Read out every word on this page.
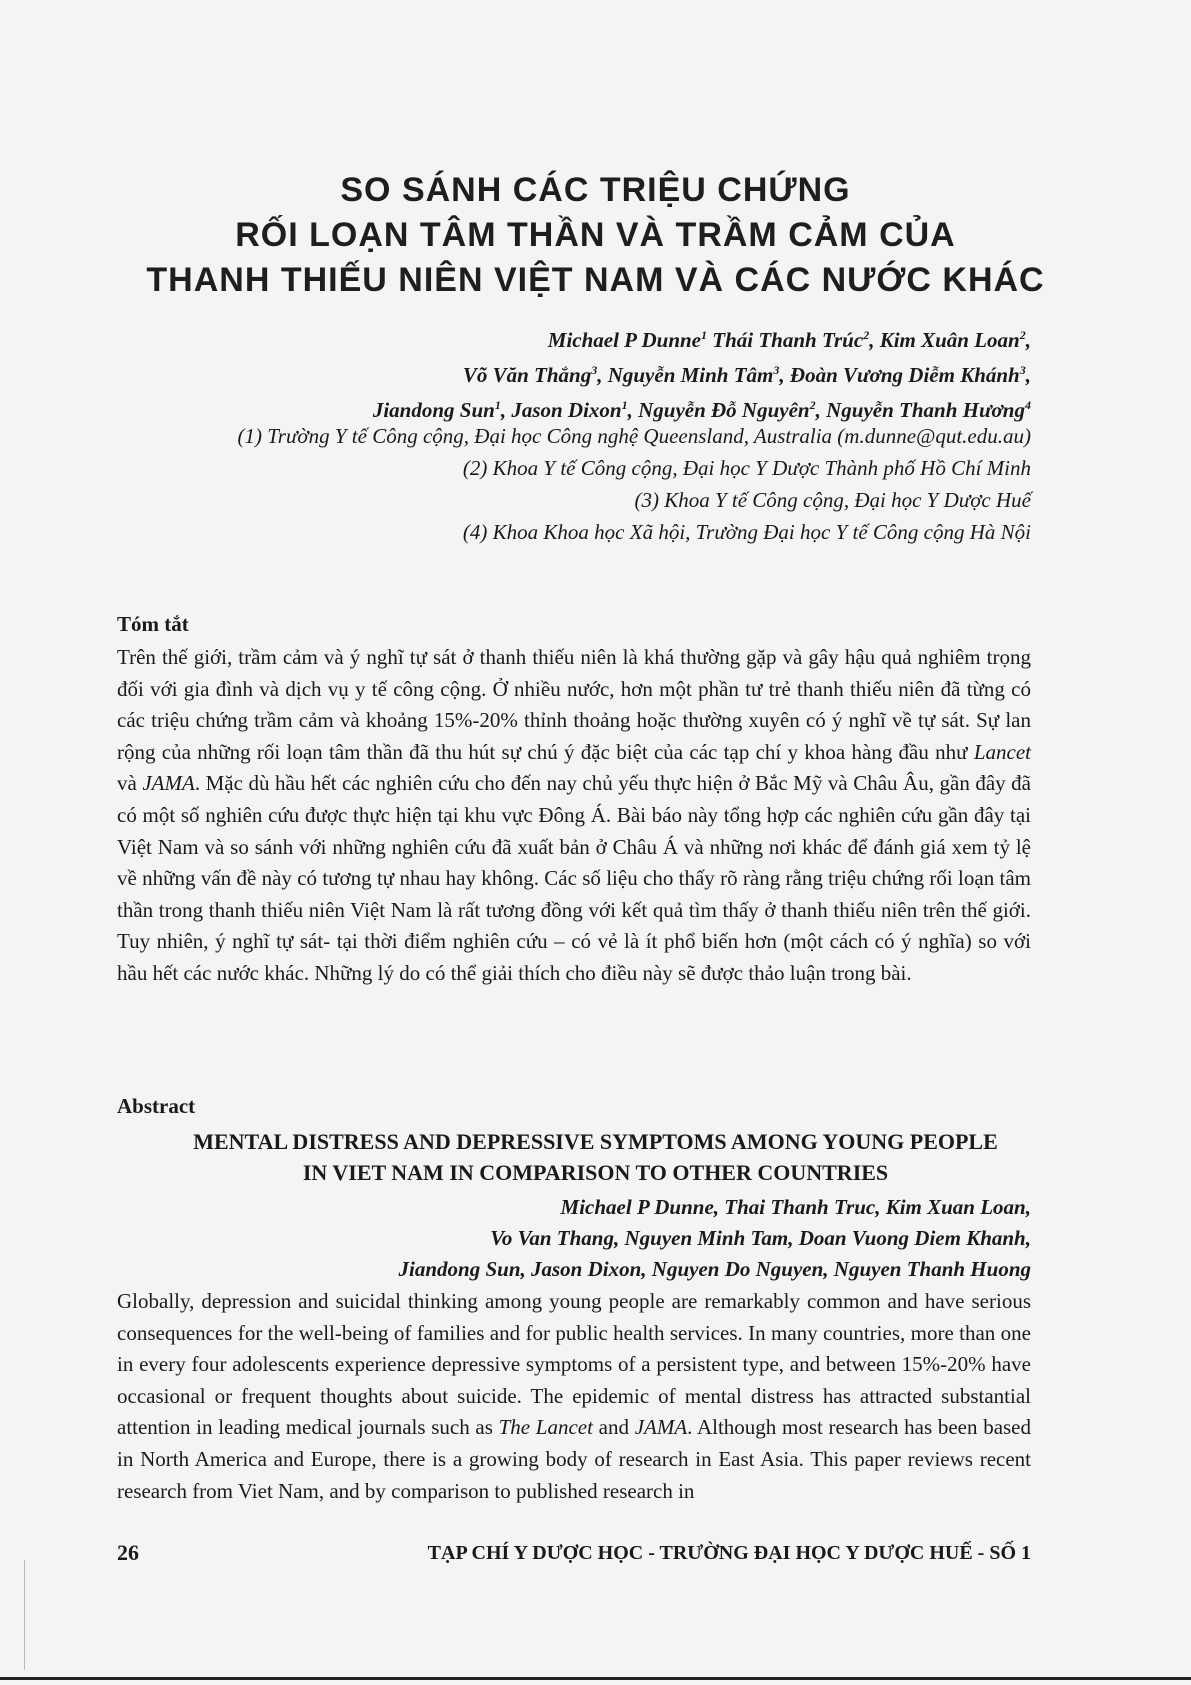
SO SÁNH CÁC TRIỆU CHỨNG

RỐI LOẠN TÂM THẦN VÀ TRẦM CẢM CỦA

THANH THIẾU NIÊN VIỆT NAM VÀ CÁC NƯỚC KHÁC

Michael P Dunne$^1$ Thái Thanh Trúc$^2$, Kim Xuân Loan$^2$,
Võ Văn Thắng$^3$, Nguyễn Minh Tâm$^3$, Đoàn Vương Diễm Khánh$^3$,
Jiandong Sun$^1$, Jason Dixon$^1$, Nguyễn Đỗ Nguyên$^2$, Nguyễn Thanh Hương$^4$
(1) Trường Y tế Công cộng, Đại học Công nghệ Queensland, Australia (m.dunne@qut.edu.au)
(2) Khoa Y tế Công cộng, Đại học Y Dược Thành phố Hồ Chí Minh
(3) Khoa Y tế Công cộng, Đại học Y Dược Huế
(4) Khoa Khoa học Xã hội, Trường Đại học Y tế Công cộng Hà Nội
Tóm tắt

Trên thế giới, trầm cảm và ý nghĩ tự sát ở thanh thiếu niên là khá thường gặp và gây hậu quả nghiêm trọng đối với gia đình và dịch vụ y tế công cộng. Ở nhiều nước, hơn một phần tư trẻ thanh thiếu niên đã từng có các triệu chứng trầm cảm và khoảng 15%-20% thỉnh thoảng hoặc thường xuyên có ý nghĩ về tự sát. Sự lan rộng của những rối loạn tâm thần đã thu hút sự chú ý đặc biệt của các tạp chí y khoa hàng đầu như Lancet và JAMA. Mặc dù hầu hết các nghiên cứu cho đến nay chủ yếu thực hiện ở Bắc Mỹ và Châu Âu, gần đây đã có một số nghiên cứu được thực hiện tại khu vực Đông Á. Bài báo này tổng hợp các nghiên cứu gần đây tại Việt Nam và so sánh với những nghiên cứu đã xuất bản ở Châu Á và những nơi khác để đánh giá xem tỷ lệ về những vấn đề này có tương tự nhau hay không. Các số liệu cho thấy rõ ràng rằng triệu chứng rối loạn tâm thần trong thanh thiếu niên Việt Nam là rất tương đồng với kết quả tìm thấy ở thanh thiếu niên trên thế giới. Tuy nhiên, ý nghĩ tự sát- tại thời điểm nghiên cứu – có vẻ là ít phổ biến hơn (một cách có ý nghĩa) so với hầu hết các nước khác. Những lý do có thể giải thích cho điều này sẽ được thảo luận trong bài.

Abstract
MENTAL DISTRESS AND DEPRESSIVE SYMPTOMS AMONG YOUNG PEOPLE
IN VIET NAM IN COMPARISON TO OTHER COUNTRIES
Michael P Dunne, Thai Thanh Truc, Kim Xuan Loan,
Vo Van Thang, Nguyen Minh Tam, Doan Vuong Diem Khanh,
Jiandong Sun, Jason Dixon, Nguyen Do Nguyen, Nguyen Thanh Huong

Globally, depression and suicidal thinking among young people are remarkably common and have serious consequences for the well-being of families and for public health services. In many countries, more than one in every four adolescents experience depressive symptoms of a persistent type, and between 15%-20% have occasional or frequent thoughts about suicide. The epidemic of mental distress has attracted substantial attention in leading medical journals such as The Lancet and JAMA. Although most research has been based in North America and Europe, there is a growing body of research in East Asia. This paper reviews recent research from Viet Nam, and by comparison to published research in

26	TẠP CHÍ Y DƯỢC HỌC - TRƯỜNG ĐẠI HỌC Y DƯỢC HUẾ - SỐ 1
